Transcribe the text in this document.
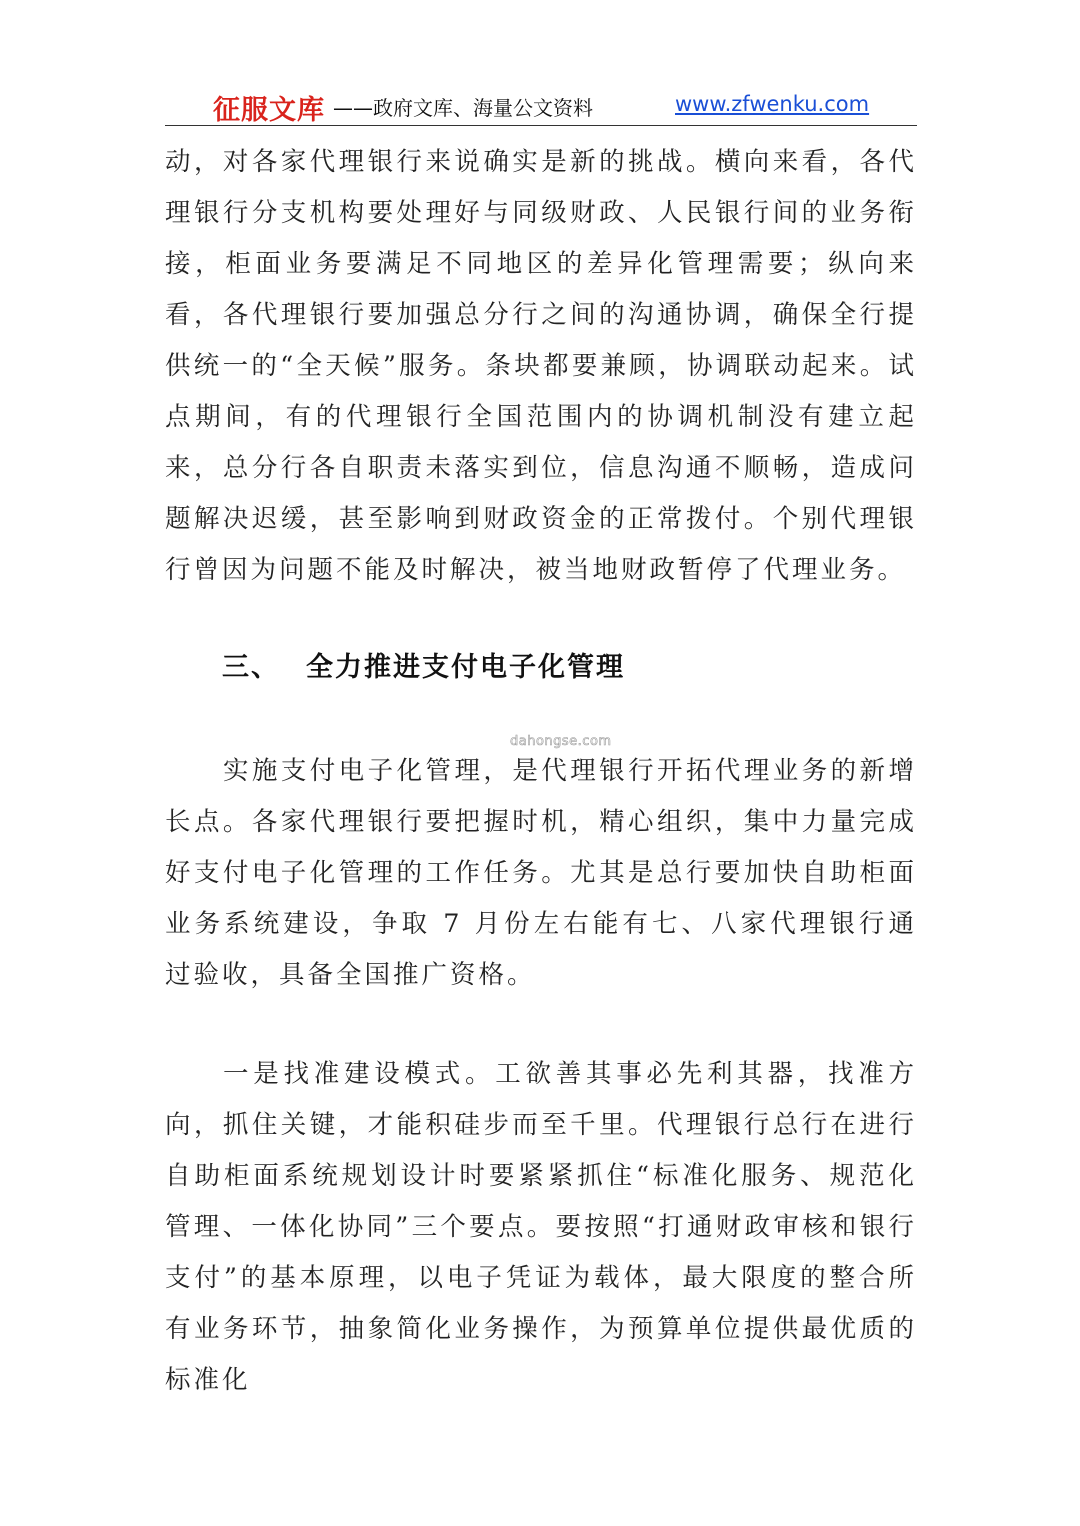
征服文库 ——政府文库、海量公文资料	www.zfwenku.com

动，对各家代理银行来说确实是新的挑战。横向来看，各代理银行分支机构要处理好与同级财政、人民银行间的业务衔接，柜面业务要满足不同地区的差异化管理需要；纵向来看，各代理银行要加强总分行之间的沟通协调，确保全行提供统一的“全天候”服务。条块都要兼顾，协调联动起来。试点期间，有的代理银行全国范围内的协调机制没有建立起来，总分行各自职责未落实到位，信息沟通不顺畅，造成问题解决迟缓，甚至影响到财政资金的正常拨付。个别代理银行曾因为问题不能及时解决，被当地财政暂停了代理业务。

三、 全力推进支付电子化管理
dahongse.com

实施支付电子化管理，是代理银行开拓代理业务的新增长点。各家代理银行要把握时机，精心组织，集中力量完成好支付电子化管理的工作任务。尤其是总行要加快自助柜面业务系统建设，争取 7 月份左右能有七、八家代理银行通过验收，具备全国推广资格。

一是找准建设模式。工欲善其事必先利其器，找准方向，抓住关键，才能积硅步而至千里。代理银行总行在进行自助柜面系统规划设计时要紧紧抓住“标准化服务、规范化管理、一体化协同”三个要点。要按照“打通财政审核和银行支付”的基本原理，以电子凭证为载体，最大限度的整合所有业务环节，抽象简化业务操作，为预算单位提供最优质的标准化
